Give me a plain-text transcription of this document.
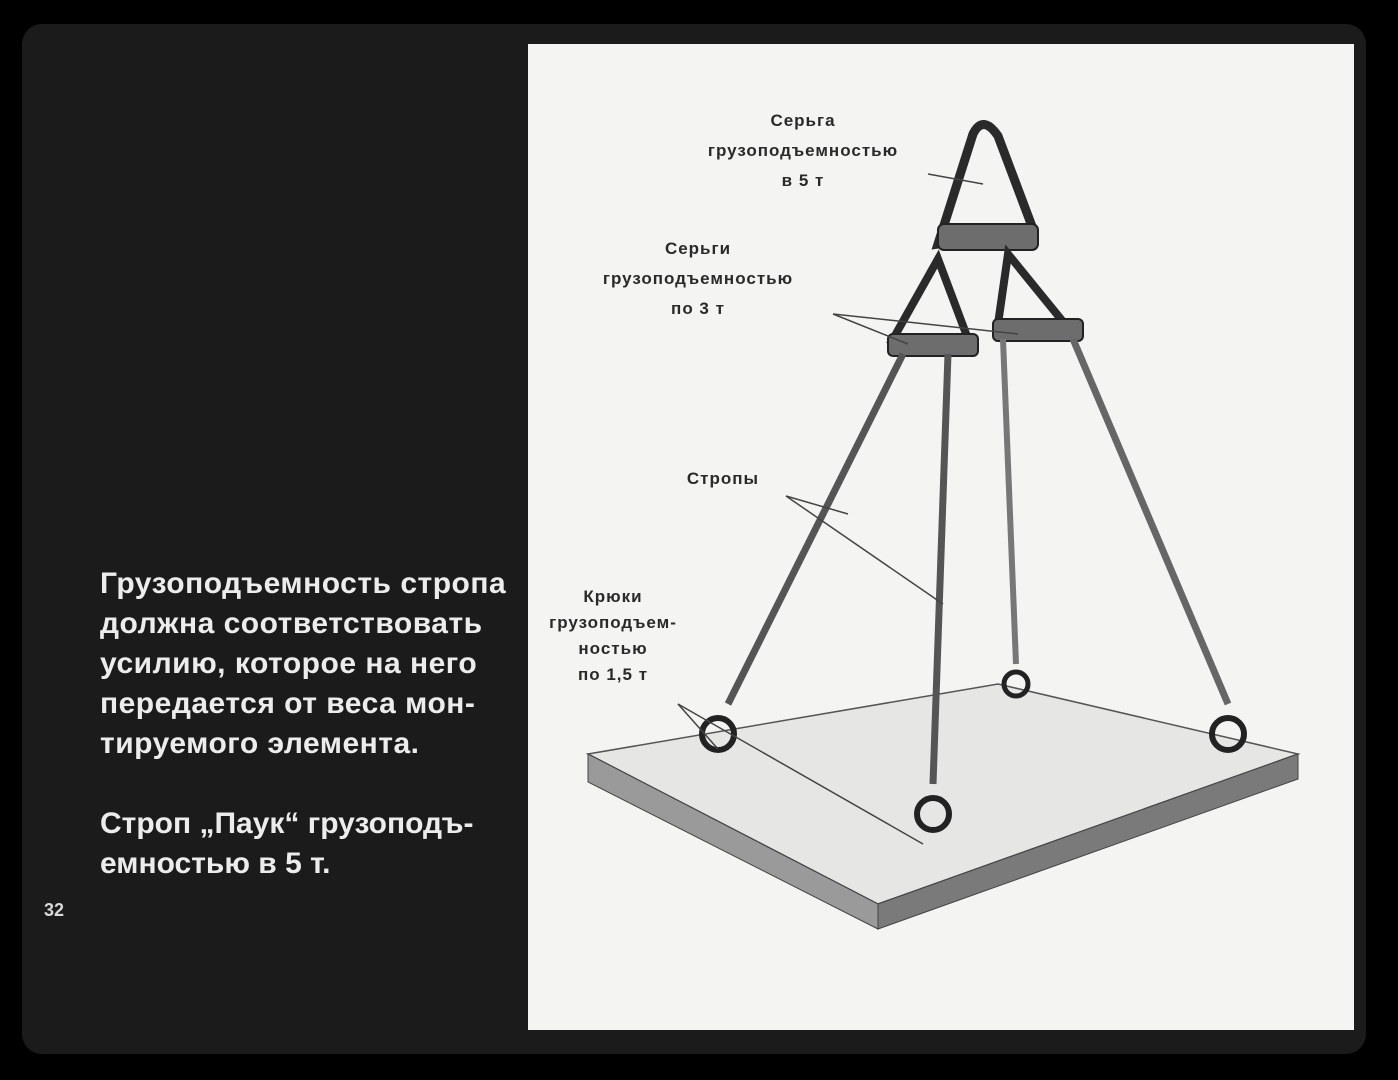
Грузоподъемность стропа
должна соответствовать
усилию, которое на него
передается от веса мон-
тируемого элемента.
Строп „Паук“ грузоподъ-
емностью в 5 т.
32
Серьга
грузоподъемностью
в 5 т
Серьги
грузоподъемностью
по 3 т
Стропы
Крюки
грузоподъем-
ностью
по 1,5 т
